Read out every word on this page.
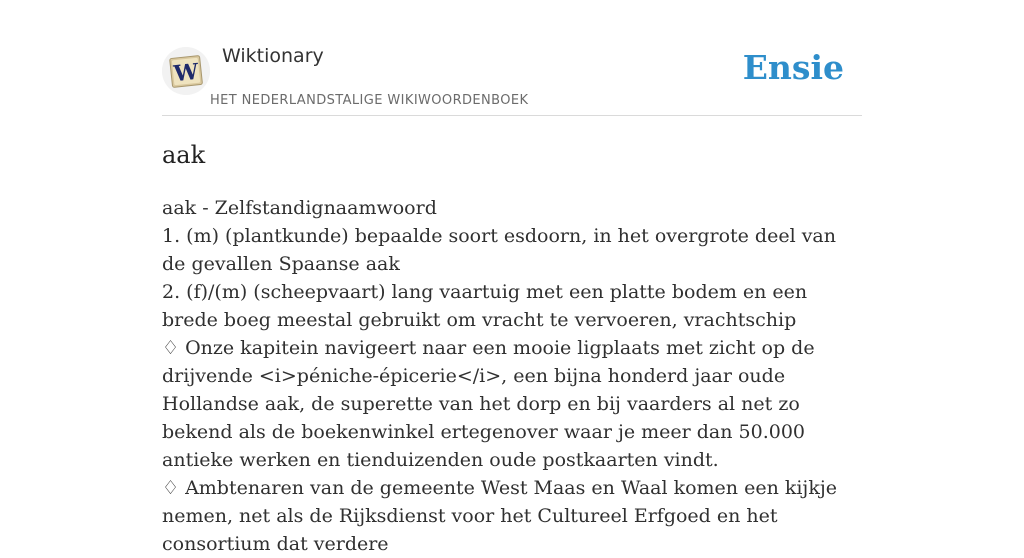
W
Wiktionary
HET NEDERLANDSTALIGE WIKIWOORDENBOEK
Ensie
aak

aak - Zelfstandignaamwoord

1. (m) (plantkunde) bepaalde soort esdoorn, in het overgrote deel van de gevallen Spaanse aak

2. (f)/(m) (scheepvaart) lang vaartuig met een platte bodem en een brede boeg meestal gebruikt om vracht te vervoeren, vrachtschip

♢ Onze kapitein navigeert naar een mooie ligplaats met zicht op de drijvende <i>péniche-épicerie</i>, een bijna honderd jaar oude Hollandse aak, de superette van het dorp en bij vaarders al net zo bekend als de boekenwinkel ertegenover waar je meer dan 50.000 antieke werken en tienduizenden oude postkaarten vindt.

♢ Ambtenaren van de gemeente West Maas en Waal komen een kijkje nemen, net als de Rijksdienst voor het Cultureel Erfgoed en het consortium dat verdere
